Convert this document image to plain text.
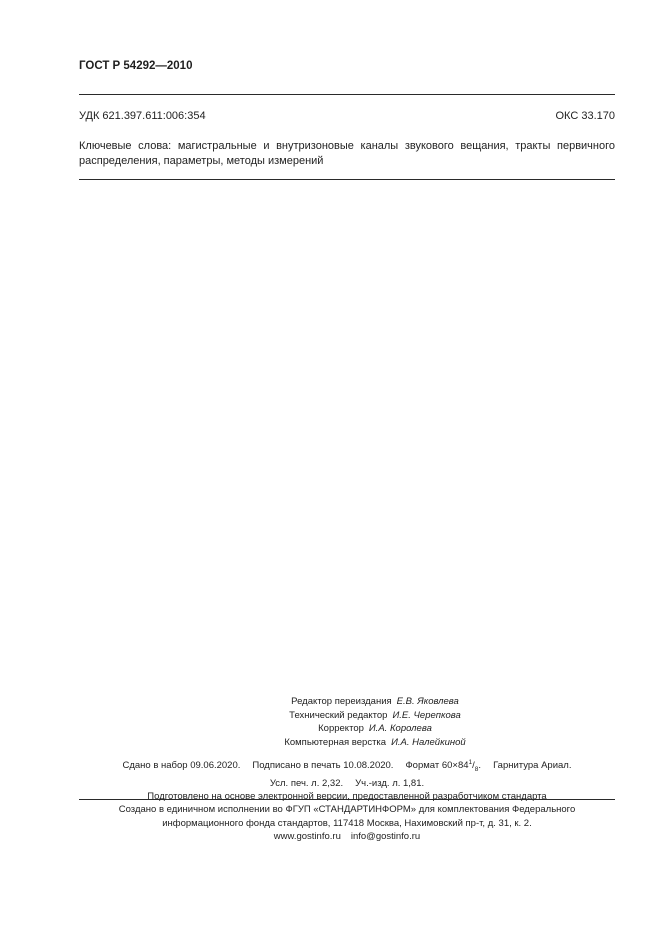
ГОСТ Р 54292—2010
УДК 621.397.611:006:354	ОКС 33.170
Ключевые слова: магистральные и внутризоновые каналы звукового вещания, тракты первичного распределения, параметры, методы измерений
Редактор переиздания Е.В. Яковлева
Технический редактор И.Е. Черепкова
Корректор И.А. Королева
Компьютерная верстка И.А. Налейкиной
Сдано в набор 09.06.2020. Подписано в печать 10.08.2020. Формат $60\times 84^1/_8$. Гарнитура Ариал.
Усл. печ. л. 2,32. Уч.-изд. л. 1,81.
Подготовлено на основе электронной версии, предоставленной разработчиком стандарта
Создано в единичном исполнении во ФГУП «СТАНДАРТИНФОРМ» для комплектования Федерального
информационного фонда стандартов, 117418 Москва, Нахимовский пр-т, д. 31, к. 2.
www.gostinfo.ru info@gostinfo.ru
